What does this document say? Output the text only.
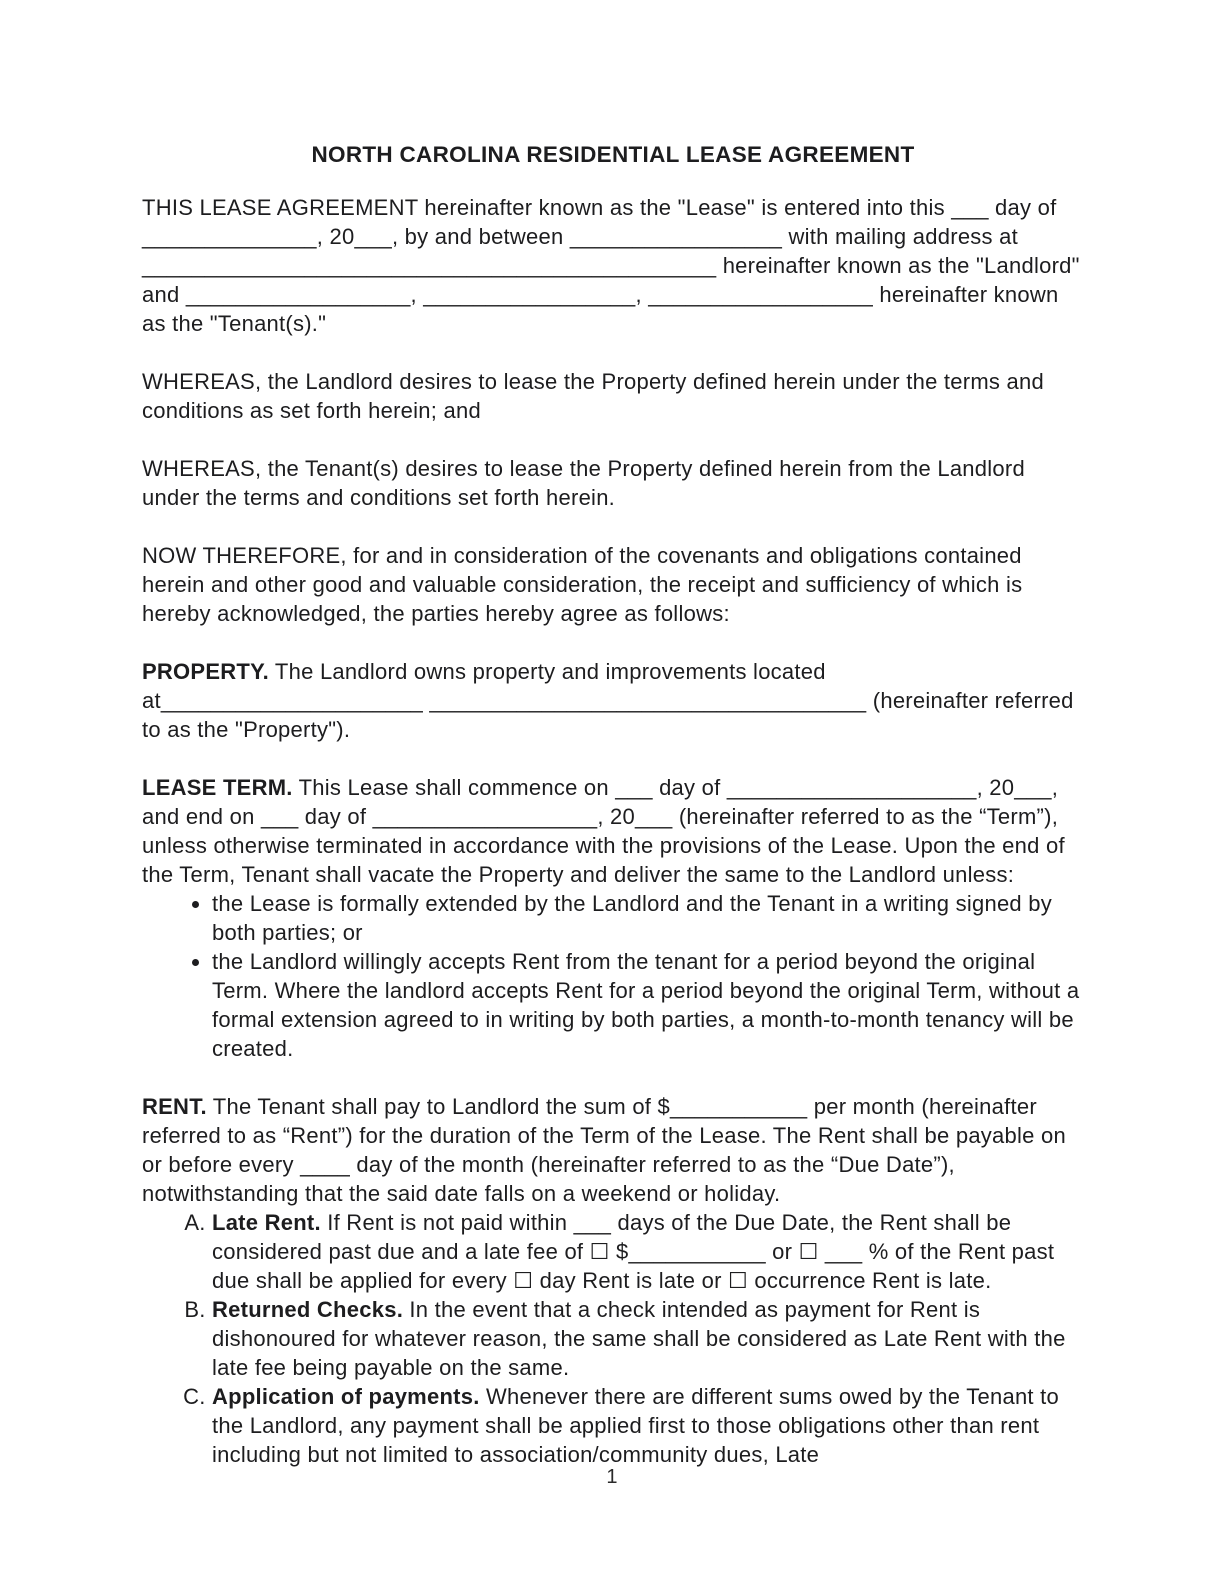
NORTH CAROLINA RESIDENTIAL LEASE AGREEMENT

THIS LEASE AGREEMENT hereinafter known as the "Lease" is entered into this ___ day of ______________, 20___, by and between _________________ with mailing address at ______________________________________________ hereinafter known as the "Landlord" and __________________, _________________, __________________ hereinafter known as the "Tenant(s)."

WHEREAS, the Landlord desires to lease the Property defined herein under the terms and conditions as set forth herein; and

WHEREAS, the Tenant(s) desires to lease the Property defined herein from the Landlord under the terms and conditions set forth herein.

NOW THEREFORE, for and in consideration of the covenants and obligations contained herein and other good and valuable consideration, the receipt and sufficiency of which is hereby acknowledged, the parties hereby agree as follows:

PROPERTY. The Landlord owns property and improvements located at_____________________ ___________________________________ (hereinafter referred to as the "Property").

LEASE TERM. This Lease shall commence on ___ day of ____________________, 20___, and end on ___ day of __________________, 20___ (hereinafter referred to as the “Term”), unless otherwise terminated in accordance with the provisions of the Lease. Upon the end of the Term, Tenant shall vacate the Property and deliver the same to the Landlord unless:

• the Lease is formally extended by the Landlord and the Tenant in a writing signed by both parties; or
• the Landlord willingly accepts Rent from the tenant for a period beyond the original Term. Where the landlord accepts Rent for a period beyond the original Term, without a formal extension agreed to in writing by both parties, a month-to-month tenancy will be created.

RENT. The Tenant shall pay to Landlord the sum of $___________ per month (hereinafter referred to as “Rent”) for the duration of the Term of the Lease. The Rent shall be payable on or before every ____ day of the month (hereinafter referred to as the “Due Date”), notwithstanding that the said date falls on a weekend or holiday.

A. Late Rent. If Rent is not paid within ___ days of the Due Date, the Rent shall be considered past due and a late fee of ☐ $___________ or ☐ ___ % of the Rent past due shall be applied for every ☐ day Rent is late or ☐ occurrence Rent is late.
B. Returned Checks. In the event that a check intended as payment for Rent is dishonoured for whatever reason, the same shall be considered as Late Rent with the late fee being payable on the same.
C. Application of payments. Whenever there are different sums owed by the Tenant to the Landlord, any payment shall be applied first to those obligations other than rent including but not limited to association/community dues, Late
1
